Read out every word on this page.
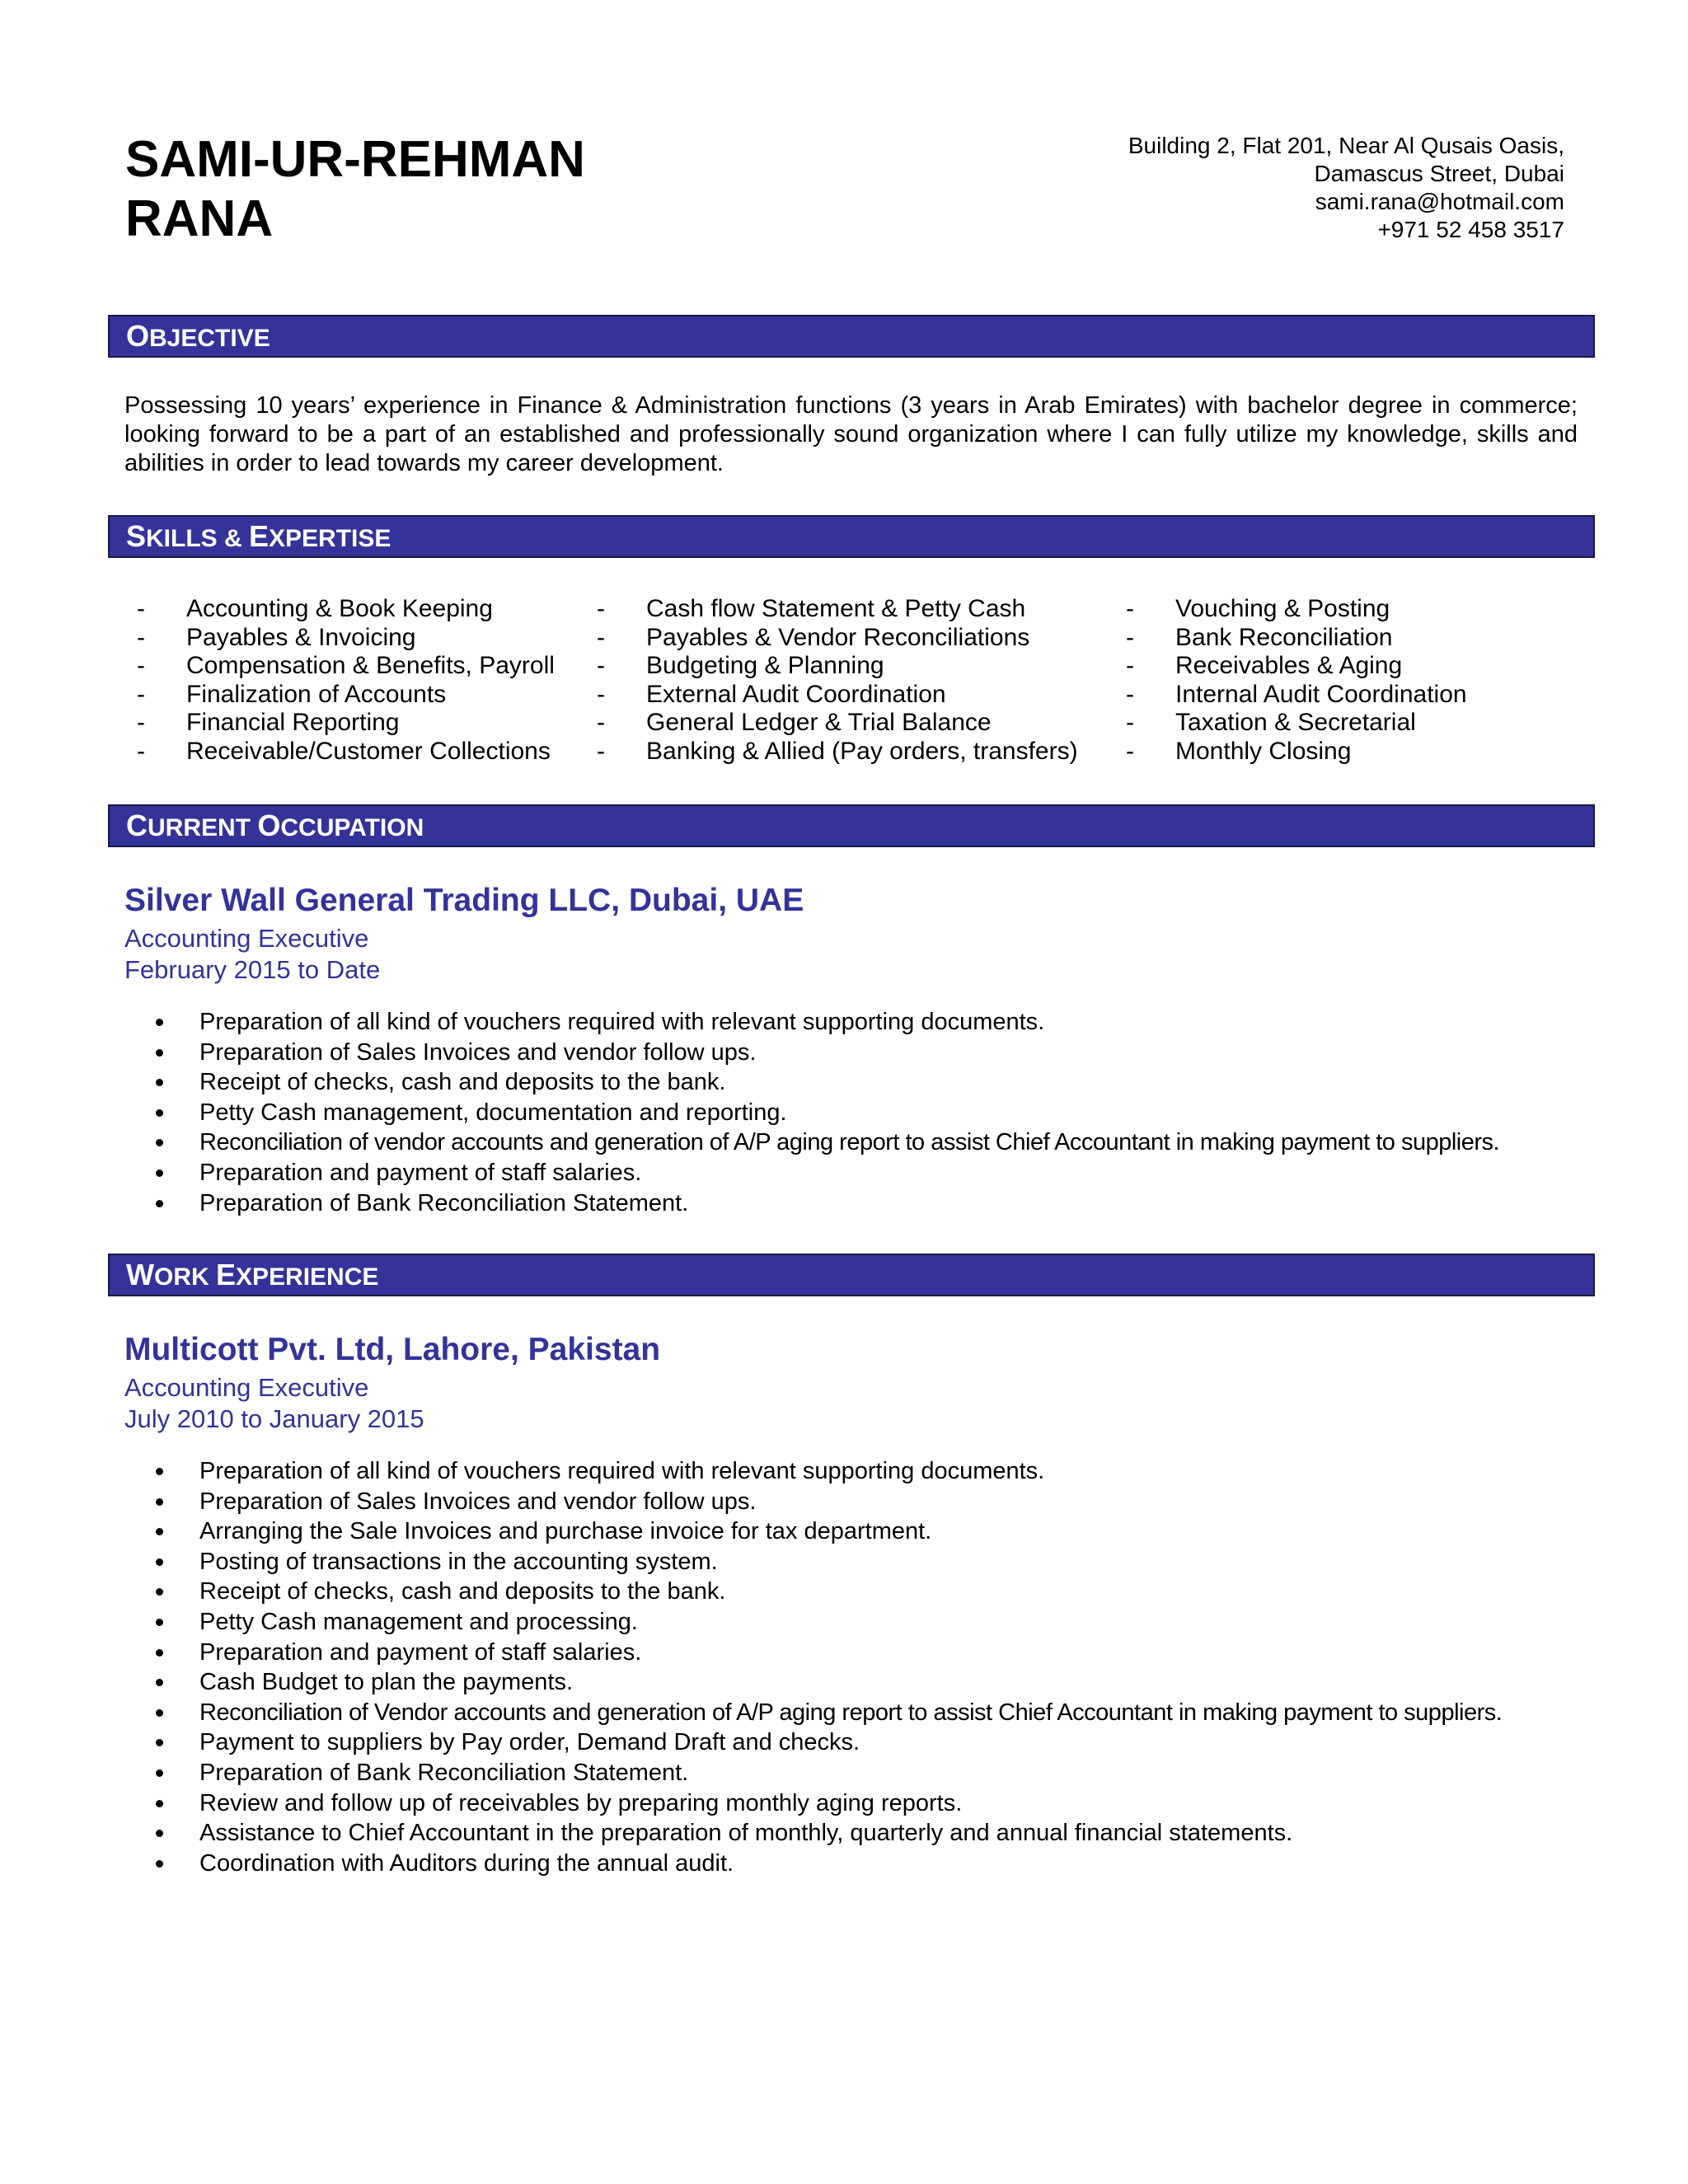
SAMI-UR-REHMAN
RANA
Building 2, Flat 201, Near Al Qusais Oasis,
Damascus Street, Dubai
sami.rana@hotmail.com
+971 52 458 3517
OBJECTIVE
Possessing 10 years’ experience in Finance & Administration functions (3 years in Arab Emirates) with bachelor degree in commerce; looking forward to be a part of an established and professionally sound organization where I can fully utilize my knowledge, skills and abilities in order to lead towards my career development.
SKILLS & EXPERTISE
- Accounting & Book Keeping
- Payables & Invoicing
- Compensation & Benefits, Payroll
- Finalization of Accounts
- Financial Reporting
- Receivable/Customer Collections
- Cash flow Statement & Petty Cash
- Payables & Vendor Reconciliations
- Budgeting & Planning
- External Audit Coordination
- General Ledger & Trial Balance
- Banking & Allied (Pay orders, transfers)
- Vouching & Posting
- Bank Reconciliation
- Receivables & Aging
- Internal Audit Coordination
- Taxation & Secretarial
- Monthly Closing
CURRENT OCCUPATION
Silver Wall General Trading LLC, Dubai, UAE
Accounting Executive
February 2015 to Date
Preparation of all kind of vouchers required with relevant supporting documents.
Preparation of Sales Invoices and vendor follow ups.
Receipt of checks, cash and deposits to the bank.
Petty Cash management, documentation and reporting.
Reconciliation of vendor accounts and generation of A/P aging report to assist Chief Accountant in making payment to suppliers.
Preparation and payment of staff salaries.
Preparation of Bank Reconciliation Statement.
WORK EXPERIENCE
Multicott Pvt. Ltd, Lahore, Pakistan
Accounting Executive
July 2010 to January 2015
Preparation of all kind of vouchers required with relevant supporting documents.
Preparation of Sales Invoices and vendor follow ups.
Arranging the Sale Invoices and purchase invoice for tax department.
Posting of transactions in the accounting system.
Receipt of checks, cash and deposits to the bank.
Petty Cash management and processing.
Preparation and payment of staff salaries.
Cash Budget to plan the payments.
Reconciliation of Vendor accounts and generation of A/P aging report to assist Chief Accountant in making payment to suppliers.
Payment to suppliers by Pay order, Demand Draft and checks.
Preparation of Bank Reconciliation Statement.
Review and follow up of receivables by preparing monthly aging reports.
Assistance to Chief Accountant in the preparation of monthly, quarterly and annual financial statements.
Coordination with Auditors during the annual audit.
